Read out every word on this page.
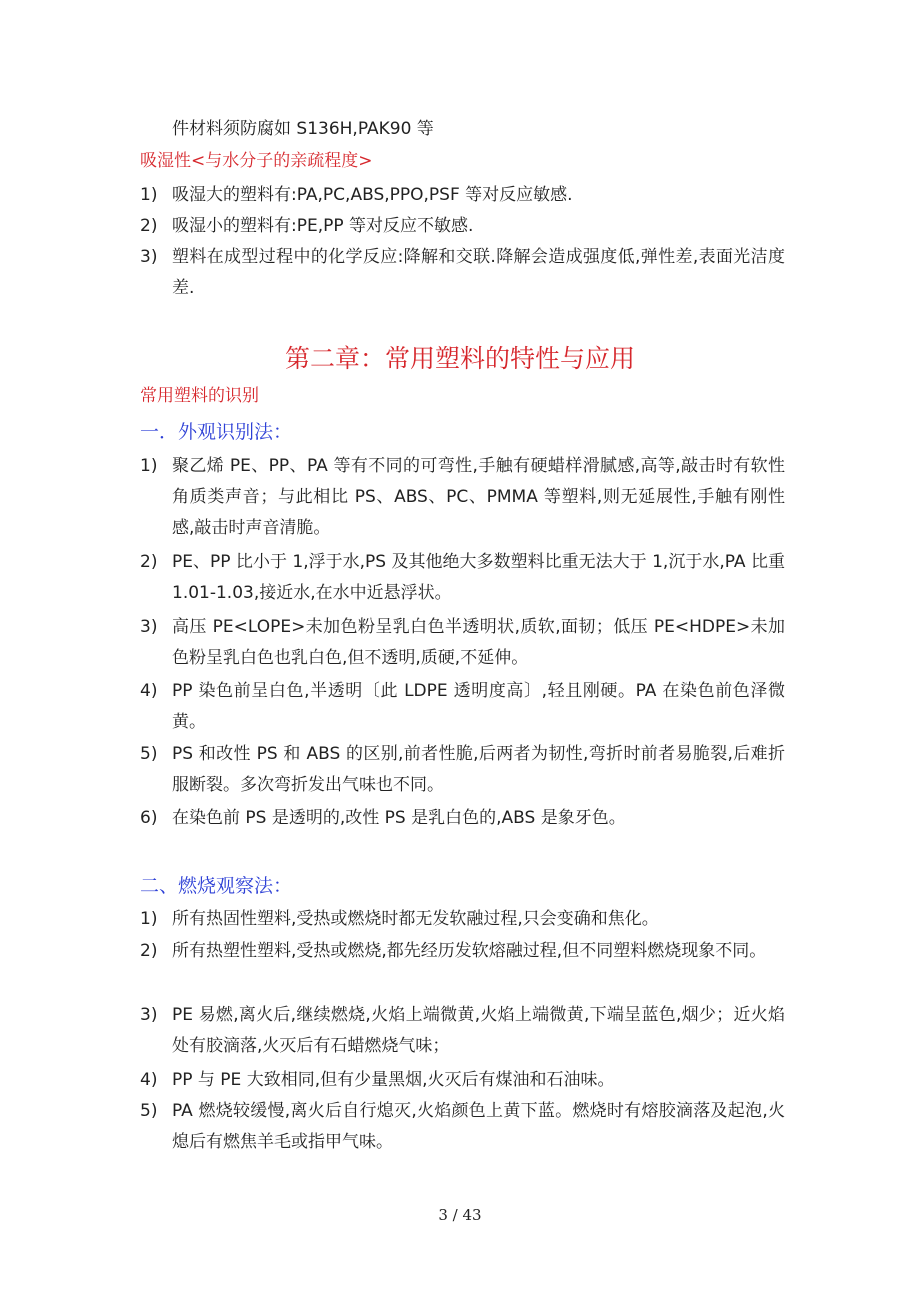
件材料须防腐如 S136H,PAK90 等
吸湿性<与水分子的亲疏程度>
1) 吸湿大的塑料有:PA,PC,ABS,PPO,PSF 等对反应敏感.
2) 吸湿小的塑料有:PE,PP 等对反应不敏感.
3) 塑料在成型过程中的化学反应:降解和交联.降解会造成强度低,弹性差,表面光洁度差.
第二章：常用塑料的特性与应用
常用塑料的识别
一．外观识别法：
1) 聚乙烯 PE、PP、PA 等有不同的可弯性,手触有硬蜡样滑腻感,高等,敲击时有软性角质类声音；与此相比 PS、ABS、PC、PMMA 等塑料,则无延展性,手触有刚性感,敲击时声音清脆。
2) PE、PP 比小于 1,浮于水,PS 及其他绝大多数塑料比重无法大于 1,沉于水,PA 比重 1.01-1.03,接近水,在水中近悬浮状。
3) 高压 PE<LOPE>未加色粉呈乳白色半透明状,质软,面韧；低压 PE<HDPE>未加色粉呈乳白色也乳白色,但不透明,质硬,不延伸。
4) PP 染色前呈白色,半透明〔此 LDPE 透明度高〕,轻且刚硬。PA 在染色前色泽微黄。
5) PS 和改性 PS 和 ABS 的区别,前者性脆,后两者为韧性,弯折时前者易脆裂,后难折服断裂。多次弯折发出气味也不同。
6) 在染色前 PS 是透明的,改性 PS 是乳白色的,ABS 是象牙色。
二、燃烧观察法：
1) 所有热固性塑料,受热或燃烧时都无发软融过程,只会变确和焦化。
2) 所有热塑性塑料,受热或燃烧,都先经历发软熔融过程,但不同塑料燃烧现象不同。
3) PE 易燃,离火后,继续燃烧,火焰上端微黄,火焰上端微黄,下端呈蓝色,烟少；近火焰处有胶滴落,火灭后有石蜡燃烧气味；
4) PP 与 PE 大致相同,但有少量黑烟,火灭后有煤油和石油味。
5) PA 燃烧较缓慢,离火后自行熄灭,火焰颜色上黄下蓝。燃烧时有熔胶滴落及起泡,火熄后有燃焦羊毛或指甲气味。
3 / 43
